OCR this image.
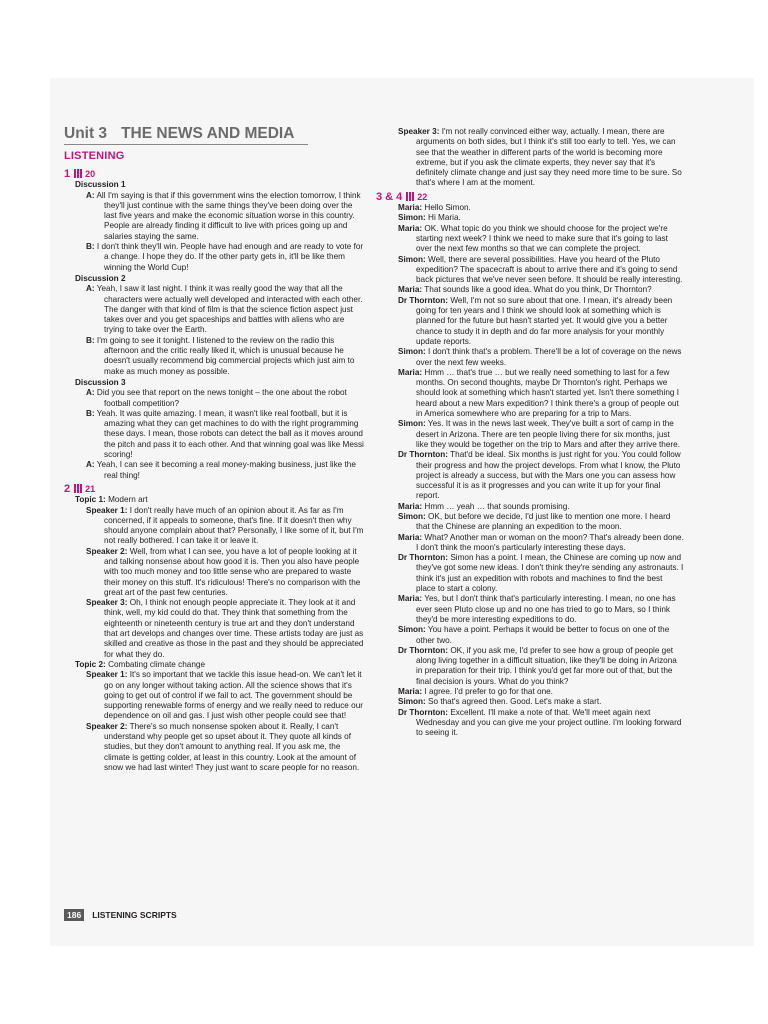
Unit 3 THE NEWS AND MEDIA
LISTENING
1 20
Discussion 1
A: All I'm saying is that if this government wins the election tomorrow, I think they'll just continue with the same things they've been doing over the last five years and make the economic situation worse in this country. People are already finding it difficult to live with prices going up and salaries staying the same.
B: I don't think they'll win. People have had enough and are ready to vote for a change. I hope they do. If the other party gets in, it'll be like them winning the World Cup!
Discussion 2
A: Yeah, I saw it last night. I think it was really good the way that all the characters were actually well developed and interacted with each other. The danger with that kind of film is that the science fiction aspect just takes over and you get spaceships and battles with aliens who are trying to take over the Earth.
B: I'm going to see it tonight. I listened to the review on the radio this afternoon and the critic really liked it, which is unusual because he doesn't usually recommend big commercial projects which just aim to make as much money as possible.
Discussion 3
A: Did you see that report on the news tonight – the one about the robot football competition?
B: Yeah. It was quite amazing. I mean, it wasn't like real football, but it is amazing what they can get machines to do with the right programming these days. I mean, those robots can detect the ball as it moves around the pitch and pass it to each other. And that winning goal was like Messi scoring!
A: Yeah, I can see it becoming a real money-making business, just like the real thing!
2 21
Topic 1: Modern art
Speaker 1: I don't really have much of an opinion about it. As far as I'm concerned, if it appeals to someone, that's fine. If it doesn't then why should anyone complain about that? Personally, I like some of it, but I'm not really bothered. I can take it or leave it.
Speaker 2: Well, from what I can see, you have a lot of people looking at it and talking nonsense about how good it is. Then you also have people with too much money and too little sense who are prepared to waste their money on this stuff. It's ridiculous! There's no comparison with the great art of the past few centuries.
Speaker 3: Oh, I think not enough people appreciate it. They look at it and think, well, my kid could do that. They think that something from the eighteenth or nineteenth century is true art and they don't understand that art develops and changes over time. These artists today are just as skilled and creative as those in the past and they should be appreciated for what they do.
Topic 2: Combating climate change
Speaker 1: It's so important that we tackle this issue head-on. We can't let it go on any longer without taking action. All the science shows that it's going to get out of control if we fail to act. The government should be supporting renewable forms of energy and we really need to reduce our dependence on oil and gas. I just wish other people could see that!
Speaker 2: There's so much nonsense spoken about it. Really, I can't understand why people get so upset about it. They quote all kinds of studies, but they don't amount to anything real. If you ask me, the climate is getting colder, at least in this country. Look at the amount of snow we had last winter! They just want to scare people for no reason.
Speaker 3: I'm not really convinced either way, actually. I mean, there are arguments on both sides, but I think it's still too early to tell. Yes, we can see that the weather in different parts of the world is becoming more extreme, but if you ask the climate experts, they never say that it's definitely climate change and just say they need more time to be sure. So that's where I am at the moment.
3 & 4 22
Maria: Hello Simon.
Simon: Hi Maria.
Maria: OK. What topic do you think we should choose for the project we're starting next week? I think we need to make sure that it's going to last over the next few months so that we can complete the project.
Simon: Well, there are several possibilities. Have you heard of the Pluto expedition? The spacecraft is about to arrive there and it's going to send back pictures that we've never seen before. It should be really interesting.
Maria: That sounds like a good idea. What do you think, Dr Thornton?
Dr Thornton: Well, I'm not so sure about that one. I mean, it's already been going for ten years and I think we should look at something which is planned for the future but hasn't started yet. It would give you a better chance to study it in depth and do far more analysis for your monthly update reports.
Simon: I don't think that's a problem. There'll be a lot of coverage on the news over the next few weeks.
Maria: Hmm … that's true … but we really need something to last for a few months. On second thoughts, maybe Dr Thornton's right. Perhaps we should look at something which hasn't started yet. Isn't there something I heard about a new Mars expedition? I think there's a group of people out in America somewhere who are preparing for a trip to Mars.
Simon: Yes. It was in the news last week. They've built a sort of camp in the desert in Arizona. There are ten people living there for six months, just like they would be together on the trip to Mars and after they arrive there.
Dr Thornton: That'd be ideal. Six months is just right for you. You could follow their progress and how the project develops. From what I know, the Pluto project is already a success, but with the Mars one you can assess how successful it is as it progresses and you can write it up for your final report.
Maria: Hmm … yeah … that sounds promising.
Simon: OK, but before we decide, I'd just like to mention one more. I heard that the Chinese are planning an expedition to the moon.
Maria: What? Another man or woman on the moon? That's already been done. I don't think the moon's particularly interesting these days.
Dr Thornton: Simon has a point. I mean, the Chinese are coming up now and they've got some new ideas. I don't think they're sending any astronauts. I think it's just an expedition with robots and machines to find the best place to start a colony.
Maria: Yes, but I don't think that's particularly interesting. I mean, no one has ever seen Pluto close up and no one has tried to go to Mars, so I think they'd be more interesting expeditions to do.
Simon: You have a point. Perhaps it would be better to focus on one of the other two.
Dr Thornton: OK, if you ask me, I'd prefer to see how a group of people get along living together in a difficult situation, like they'll be doing in Arizona in preparation for their trip. I think you'd get far more out of that, but the final decision is yours. What do you think?
Maria: I agree. I'd prefer to go for that one.
Simon: So that's agreed then. Good. Let's make a start.
Dr Thornton: Excellent. I'll make a note of that. We'll meet again next Wednesday and you can give me your project outline. I'm looking forward to seeing it.
186	LISTENING SCRIPTS
